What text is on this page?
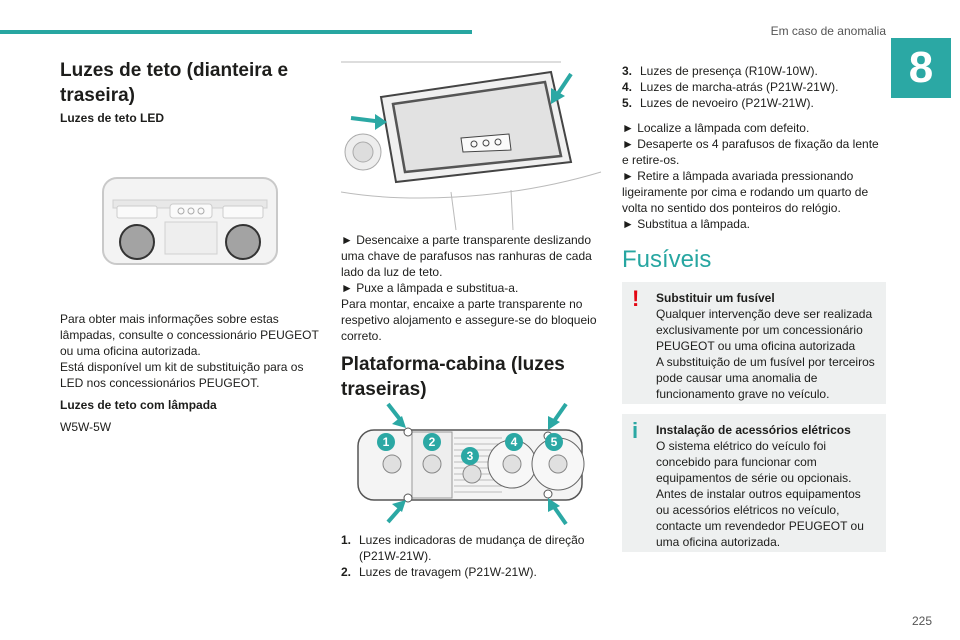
Em caso de anomalia
8
Luzes de teto (dianteira e traseira)
Luzes de teto LED
Para obter mais informações sobre estas lâmpadas, consulte o concessionário PEUGEOT ou uma oficina autorizada.
Está disponível um kit de substituição para os LED nos concessionários PEUGEOT.
Luzes de teto com lâmpada
W5W-5W
► Desencaixe a parte transparente deslizando uma chave de parafusos nas ranhuras de cada lado da luz de teto.
► Puxe a lâmpada e substitua-a.
Para montar, encaixe a parte transparente no respetivo alojamento e assegure-se do bloqueio correto.
Plataforma-cabina (luzes traseiras)
1. Luzes indicadoras de mudança de direção (P21W-21W).
2. Luzes de travagem (P21W-21W).
1	2
3
4	5
3. Luzes de presença (R10W-10W).
4. Luzes de marcha-atrás (P21W-21W).
5. Luzes de nevoeiro (P21W-21W).
► Localize a lâmpada com defeito.
► Desaperte os 4 parafusos de fixação da lente e retire-os.
► Retire a lâmpada avariada pressionando ligeiramente por cima e rodando um quarto de volta no sentido dos ponteiros do relógio.
► Substitua a lâmpada.
Fusíveis
! Substituir um fusível
Qualquer intervenção deve ser realizada exclusivamente por um concessionário PEUGEOT ou uma oficina autorizada
A substituição de um fusível por terceiros pode causar uma anomalia de funcionamento grave no veículo.
i Instalação de acessórios elétricos
O sistema elétrico do veículo foi concebido para funcionar com equipamentos de série ou opcionais.
Antes de instalar outros equipamentos ou acessórios elétricos no veículo, contacte um revendedor PEUGEOT ou uma oficina autorizada.
225
